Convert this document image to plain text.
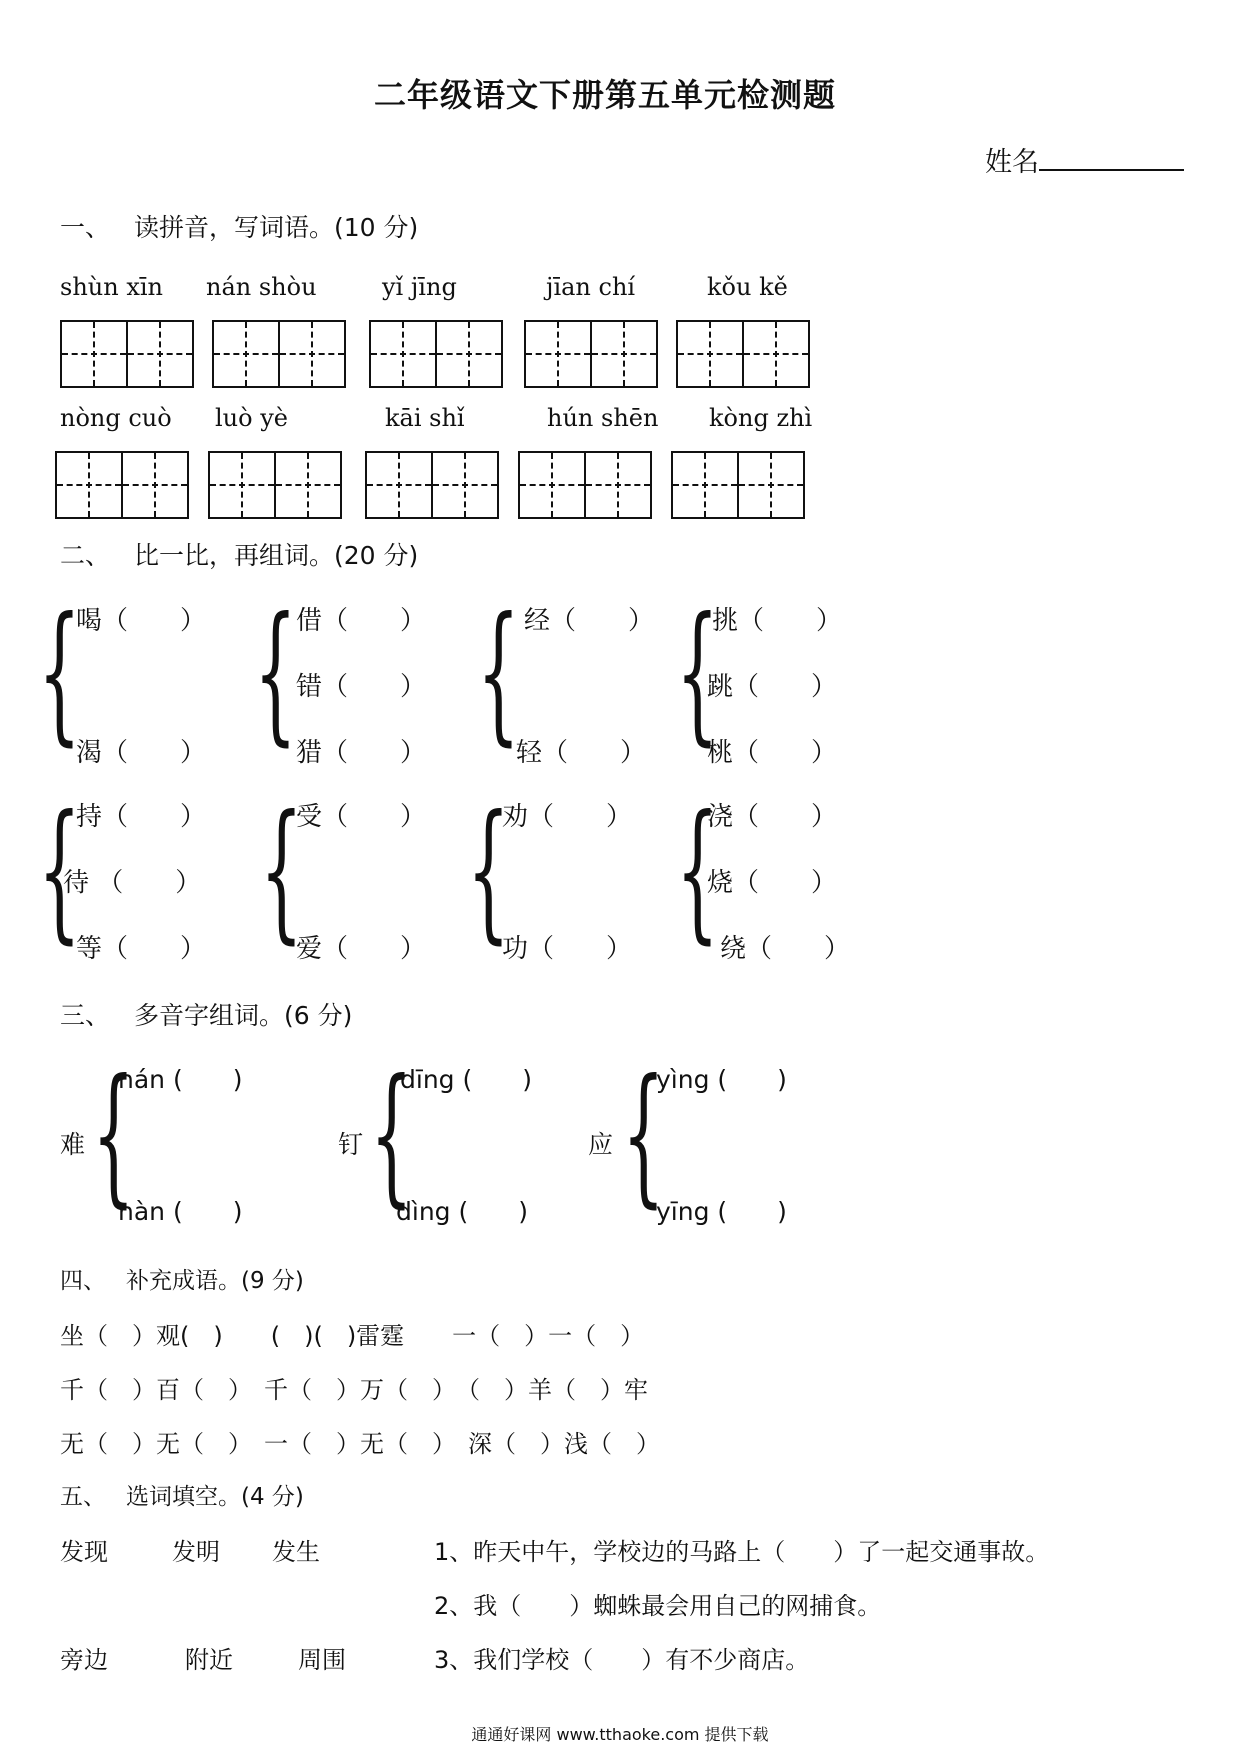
二年级语文下册第五单元检测题
姓名
一、 读拼音，写词语。(10 分)
shùn xīn nán shòu	yǐ jīng	jīan chí	kǒu kě
nòng cuò luò yè	kāi shǐ	hún shēn kòng zhì
二、 比一比，再组词。(20 分)
{
喝（　　）
渴（　　） { 借（　　）
错（　　）
猎（　　） { 经（　　）
轻（　　） {
挑（　　）
跳（　　）
桃（　　）
{
持（　　）
待 （　　）
等（　　） {
受（　　）
爱（　　） {
劝（　　）
功（　　） {
浇（　　）
烧（　　）
绕（　　）
三、 多音字组词。(6 分)
难 {
nán (　　)
nàn (　　)
钉 {
dīng (　　)
dìng (　　)
应 {
yìng (　　)
yīng (　　)
四、 补充成语。(9 分)
坐（　）观(　)　　(　)(　)雷霆　　一（　）一（　）
千（　）百（　）　千（　）万（　）　（　）羊（　）牢
无（　）无（　）　一（　）无（　）　深（　）浅（　）
五、 选词填空。(4 分)
发现	发明 发生	1、昨天中午，学校边的马路上（　　）了一起交通事故。
2、我（　　）蜘蛛最会用自己的网捕食。
旁边	附近	周围	3、我们学校（　　）有不少商店。
通通好课网 www.tthaoke.com 提供下载
